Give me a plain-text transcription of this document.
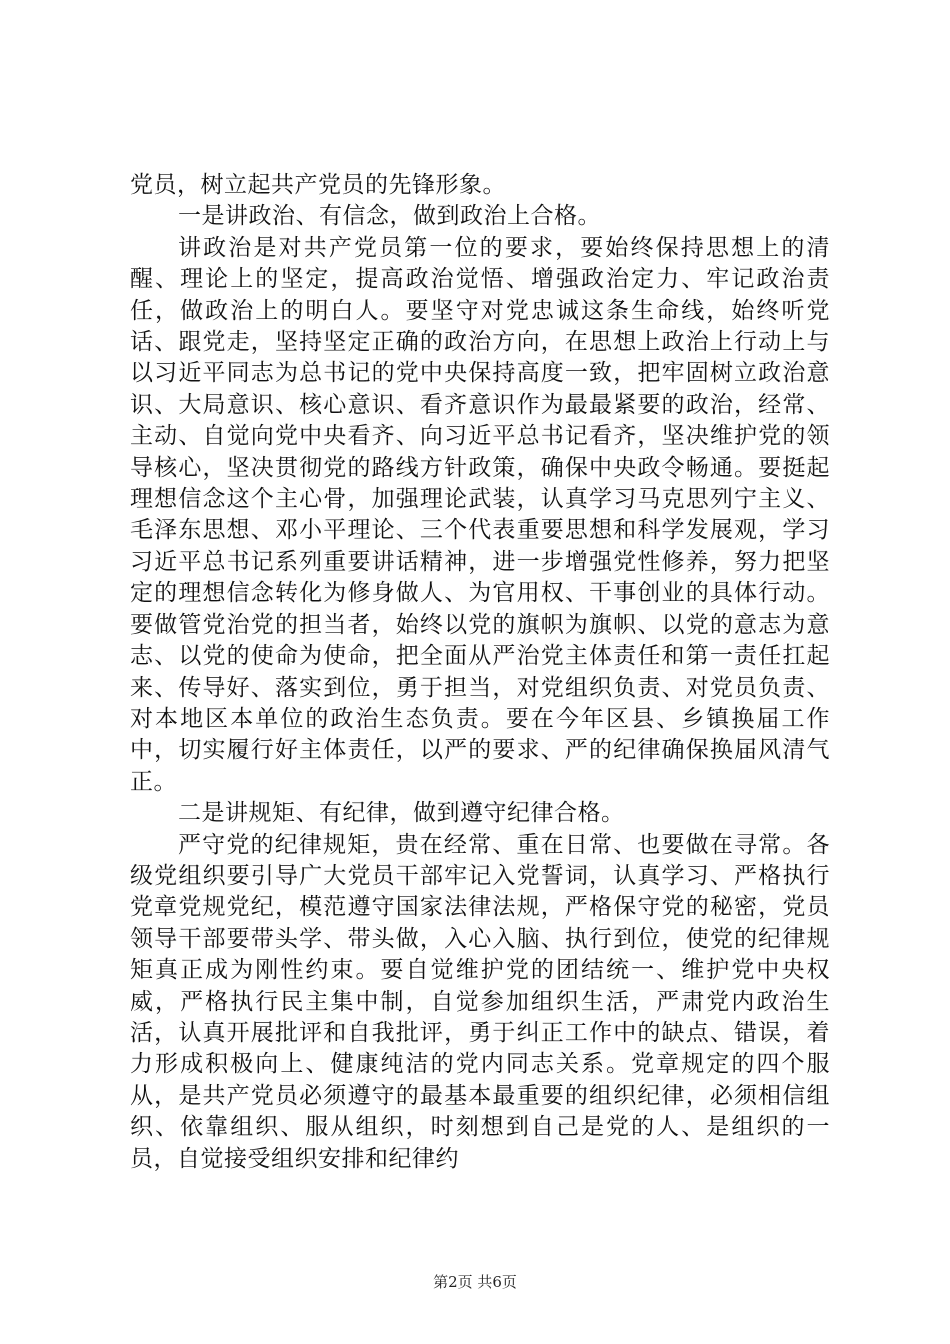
党员，树立起共产党员的先锋形象。

一是讲政治、有信念，做到政治上合格。

讲政治是对共产党员第一位的要求，要始终保持思想上的清醒、理论上的坚定，提高政治觉悟、增强政治定力、牢记政治责任，做政治上的明白人。要坚守对党忠诚这条生命线，始终听党话、跟党走，坚持坚定正确的政治方向，在思想上政治上行动上与以习近平同志为总书记的党中央保持高度一致，把牢固树立政治意识、大局意识、核心意识、看齐意识作为最最紧要的政治，经常、主动、自觉向党中央看齐、向习近平总书记看齐，坚决维护党的领导核心，坚决贯彻党的路线方针政策，确保中央政令畅通。要挺起理想信念这个主心骨，加强理论武装，认真学习马克思列宁主义、毛泽东思想、邓小平理论、三个代表重要思想和科学发展观，学习习近平总书记系列重要讲话精神，进一步增强党性修养，努力把坚定的理想信念转化为修身做人、为官用权、干事创业的具体行动。要做管党治党的担当者，始终以党的旗帜为旗帜、以党的意志为意志、以党的使命为使命，把全面从严治党主体责任和第一责任扛起来、传导好、落实到位，勇于担当，对党组织负责、对党员负责、对本地区本单位的政治生态负责。要在今年区县、乡镇换届工作中，切实履行好主体责任，以严的要求、严的纪律确保换届风清气正。

二是讲规矩、有纪律，做到遵守纪律合格。

严守党的纪律规矩，贵在经常、重在日常、也要做在寻常。各级党组织要引导广大党员干部牢记入党誓词，认真学习、严格执行党章党规党纪，模范遵守国家法律法规，严格保守党的秘密，党员领导干部要带头学、带头做，入心入脑、执行到位，使党的纪律规矩真正成为刚性约束。要自觉维护党的团结统一、维护党中央权威，严格执行民主集中制，自觉参加组织生活，严肃党内政治生活，认真开展批评和自我批评，勇于纠正工作中的缺点、错误，着力形成积极向上、健康纯洁的党内同志关系。党章规定的四个服从，是共产党员必须遵守的最基本最重要的组织纪律，必须相信组织、依靠组织、服从组织，时刻想到自己是党的人、是组织的一员，自觉接受组织安排和纪律约

第2页 共6页
